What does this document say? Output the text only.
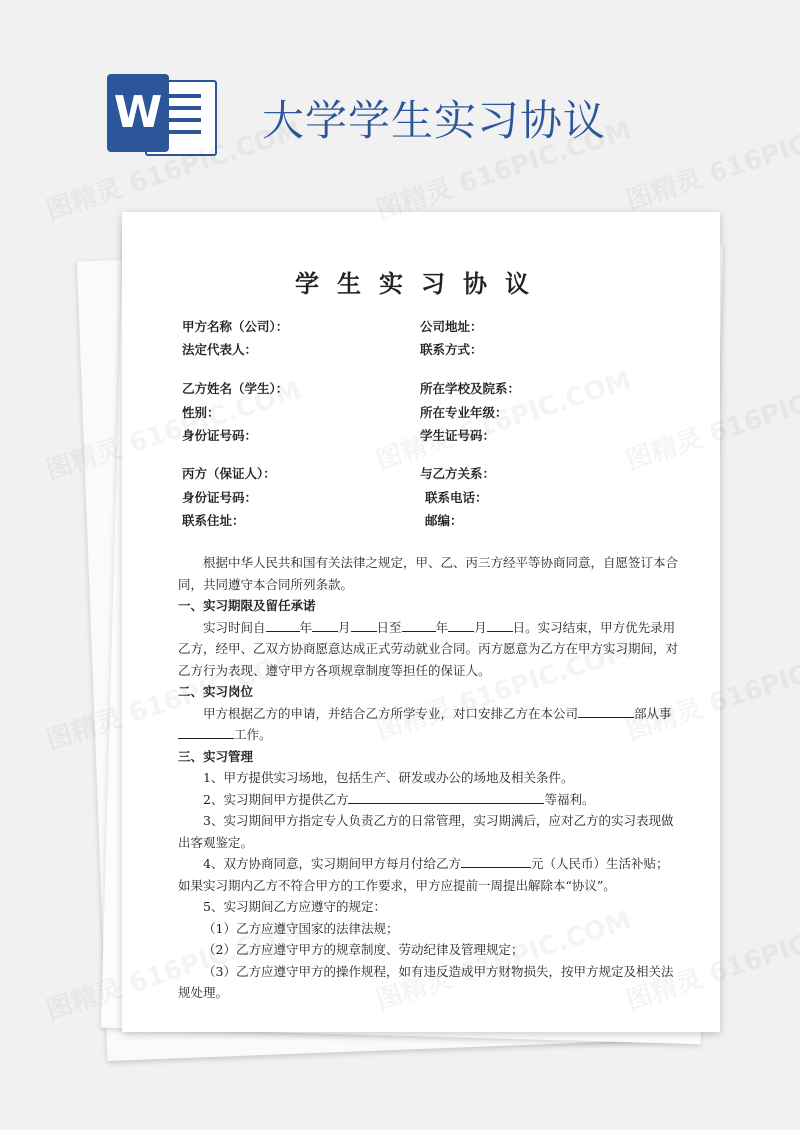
W 大学学生实习协议
学生实习协议
甲方名称（公司）：	公司地址：
法定代表人：	联系方式：
乙方姓名（学生）：	所在学校及院系：
性别：	所在专业年级：
身份证号码：	学生证号码：
丙方（保证人）：	与乙方关系：
身份证号码：	联系电话：
联系住址：	邮编：

根据中华人民共和国有关法律之规定，甲、乙、丙三方经平等协商同意，自愿签订本合同，共同遵守本合同所列条款。

一、实习期限及留任承诺

实习时间自	年 月 日至	年 月 日。实习结束，甲方优先录用乙方，经甲、乙双方协商愿意达成正式劳动就业合同。丙方愿意为乙方在甲方实习期间，对乙方行为表现、遵守甲方各项规章制度等担任的保证人。

二、实习岗位

甲方根据乙方的申请，并结合乙方所学专业，对口安排乙方在本公司	部从事工作。

三、实习管理

1、甲方提供实习场地，包括生产、研发或办公的场地及相关条件。

2、实习期间甲方提供乙方	等福利。

3、实习期间甲方指定专人负责乙方的日常管理，实习期满后，应对乙方的实习表现做出客观鉴定。

4、双方协商同意，实习期间甲方每月付给乙方	元（人民币）生活补贴；如果实习期内乙方不符合甲方的工作要求，甲方应提前一周提出解除本“协议”。

5、实习期间乙方应遵守的规定：

（1）乙方应遵守国家的法律法规；

（2）乙方应遵守甲方的规章制度、劳动纪律及管理规定；

（3）乙方应遵守甲方的操作规程，如有违反造成甲方财物损失，按甲方规定及相关法规处理。
